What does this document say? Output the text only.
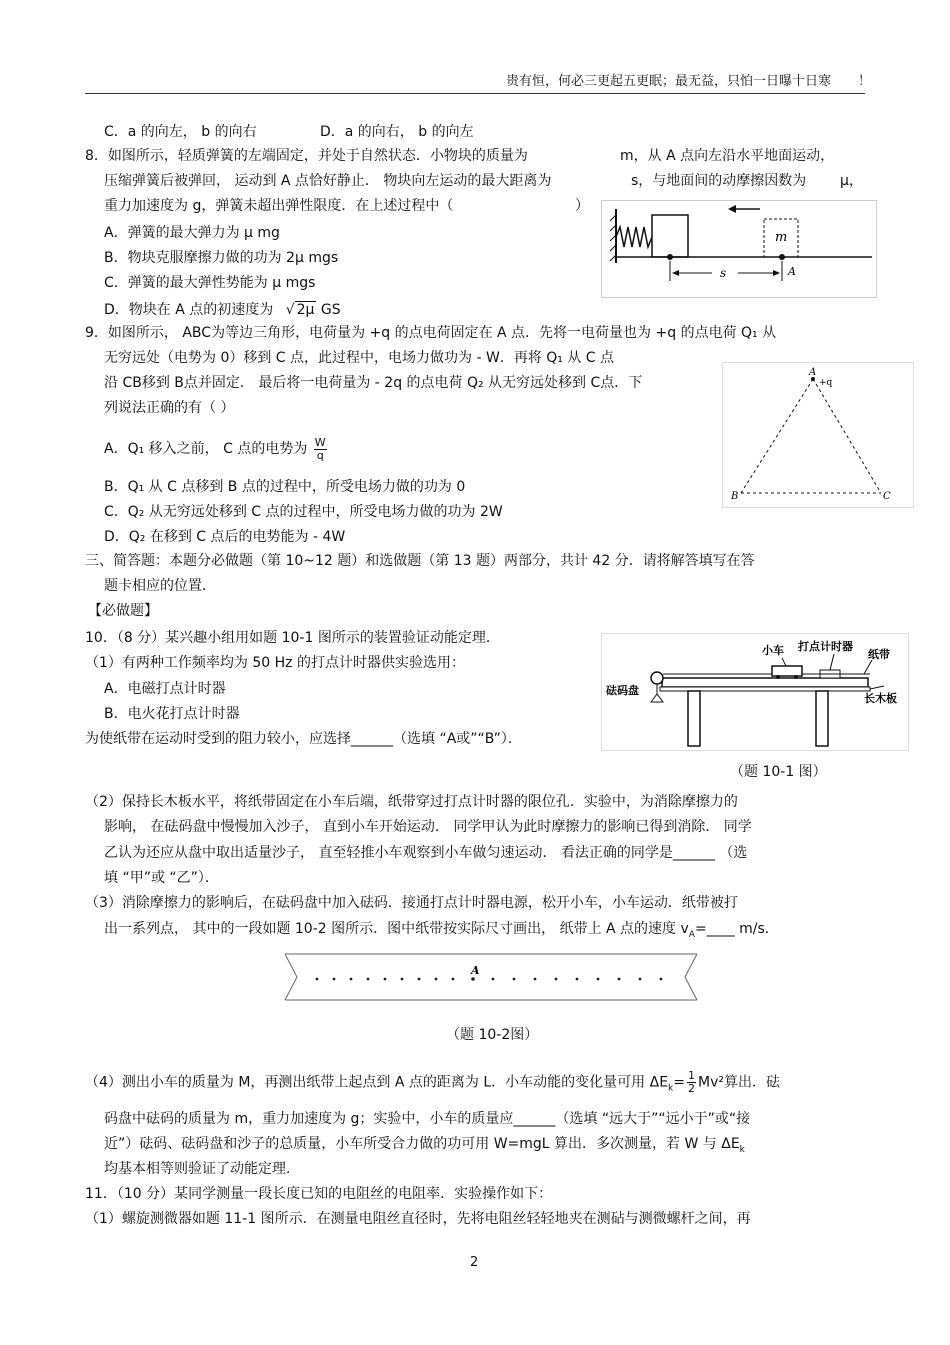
贵有恒，何必三更起五更眠；最无益，只怕一日曝十日寒 ！
C．a 的向左， b 的向右	D．a 的向右， b 的向左
8．如图所示，轻质弹簧的左端固定，并处于自然状态．小物块的质量为	m，从 A 点向左沿水平地面运动，
压缩弹簧后被弹回， 运动到 A 点恰好静止． 物块向左运动的最大距离为	s，与地面间的动摩擦因数为 μ，
重力加速度为 g，弹簧未超出弹性限度．在上述过程中（	）
A．弹簧的最大弹力为 μ mg
B．物块克服摩擦力做的功为 2μ mgs
C．弹簧的最大弹性势能为 μ mgs
D．物块在 A 点的初速度为 √ 2μ GS
m
s	A
9．如图所示， ABC为等边三角形，电荷量为 +q 的点电荷固定在 A 点．先将一电荷量也为 +q 的点电荷 Q₁ 从
无穷远处（电势为 0）移到 C 点，此过程中，电场力做功为 - W．再将 Q₁ 从 C 点
沿 CB移到 B点并固定． 最后将一电荷量为 - 2q 的点电荷 Q₂ 从无穷远处移到 C点．下
列说法正确的有（ ）
A．Q₁ 移入之前， C 点的电势为 $\frac{W}{q}$
B．Q₁ 从 C 点移到 B 点的过程中，所受电场力做的功为 0
C．Q₂ 从无穷远处移到 C 点的过程中，所受电场力做的功为 2W
D．Q₂ 在移到 C 点后的电势能为 - 4W
A
+q
B	C
三、简答题：本题分必做题（第 10~12 题）和选做题（第 13 题）两部分，共计 42 分．请将解答填写在答
题卡相应的位置．
【必做题】
10．（8 分）某兴趣小组用如题 10-1 图所示的装置验证动能定理．
（1）有两种工作频率均为 50 Hz 的打点计时器供实验选用：
A．电磁打点计时器
B．电火花打点计时器
为使纸带在运动时受到的阻力较小，应选择______（选填 “A或”“B”）．
小车 打点计时器
纸带
砝码盘
长木板
（题 10-1 图）
（2）保持长木板水平，将纸带固定在小车后端，纸带穿过打点计时器的限位孔．实验中，为消除摩擦力的
影响， 在砝码盘中慢慢加入沙子， 直到小车开始运动． 同学甲认为此时摩擦力的影响已得到消除． 同学
乙认为还应从盘中取出适量沙子， 直至轻推小车观察到小车做匀速运动． 看法正确的同学是______ （选
填 “甲”或 “乙”）．
（3）消除摩擦力的影响后，在砝码盘中加入砝码．接通打点计时器电源，松开小车，小车运动．纸带被打
出一系列点， 其中的一段如题 10-2 图所示．图中纸带按实际尺寸画出， 纸带上 A 点的速度 $v_A=\_\_\_\_$ m/s．
A
（题 10-2图）
（4）测出小车的质量为 M，再测出纸带上起点到 A 点的距离为 L．小车动能的变化量可用 $\Delta E_k= \frac{1}{2} Mv^2$算出．砝
码盘中砝码的质量为 m，重力加速度为 g；实验中，小车的质量应______（选填 “远大于”“远小于”或“接
近”）砝码、砝码盘和沙子的总质量，小车所受合力做的功可用 W=mgL 算出．多次测量，若 W 与 $\Delta E_k$
均基本相等则验证了动能定理．
11．（10 分）某同学测量一段长度已知的电阻丝的电阻率．实验操作如下：
（1）螺旋测微器如题 11-1 图所示．在测量电阻丝直径时，先将电阻丝轻轻地夹在测砧与测微螺杆之间，再
2
